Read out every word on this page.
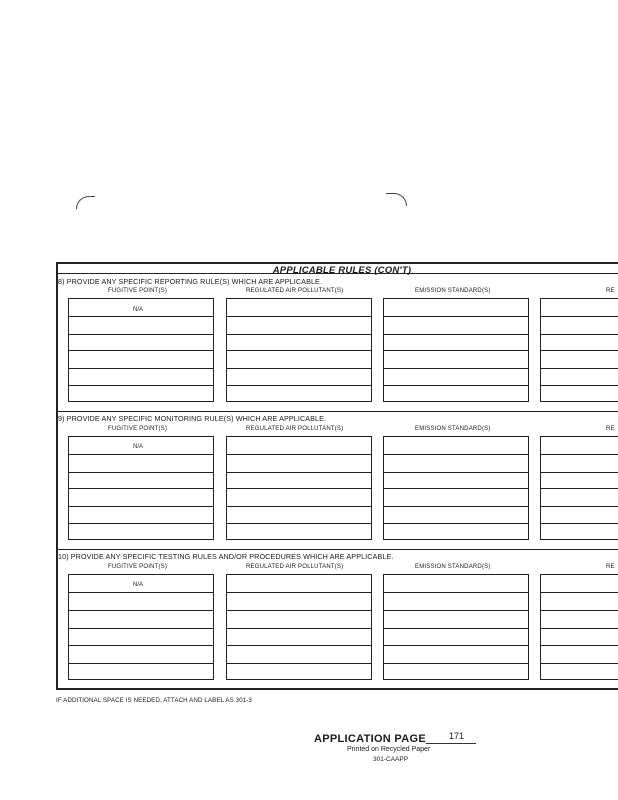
APPLICABLE RULES (CON'T)
8) PROVIDE ANY SPECIFIC REPORTING RULE(S) WHICH ARE APPLICABLE.
FUGITIVE POINT(S)	REGULATED AIR POLLUTANT(S)	EMISSION STANDARD(S)	RE
N/A
9) PROVIDE ANY SPECIFIC MONITORING RULE(S) WHICH ARE APPLICABLE.
FUGITIVE POINT(S)	REGULATED AIR POLLUTANT(S)	EMISSION STANDARD(S)	RE
N/A
10) PROVIDE ANY SPECIFIC TESTING RULES AND/OR PROCEDURES WHICH ARE APPLICABLE.
FUGITIVE POINT(S)	REGULATED AIR POLLUTANT(S)	EMISSION STANDARD(S)	RE
N/A
IF ADDITIONAL SPACE IS NEEDED, ATTACH AND LABEL AS 301-3
APPLICATION PAGE	171
Printed on Recycled Paper
301-CAAPP
